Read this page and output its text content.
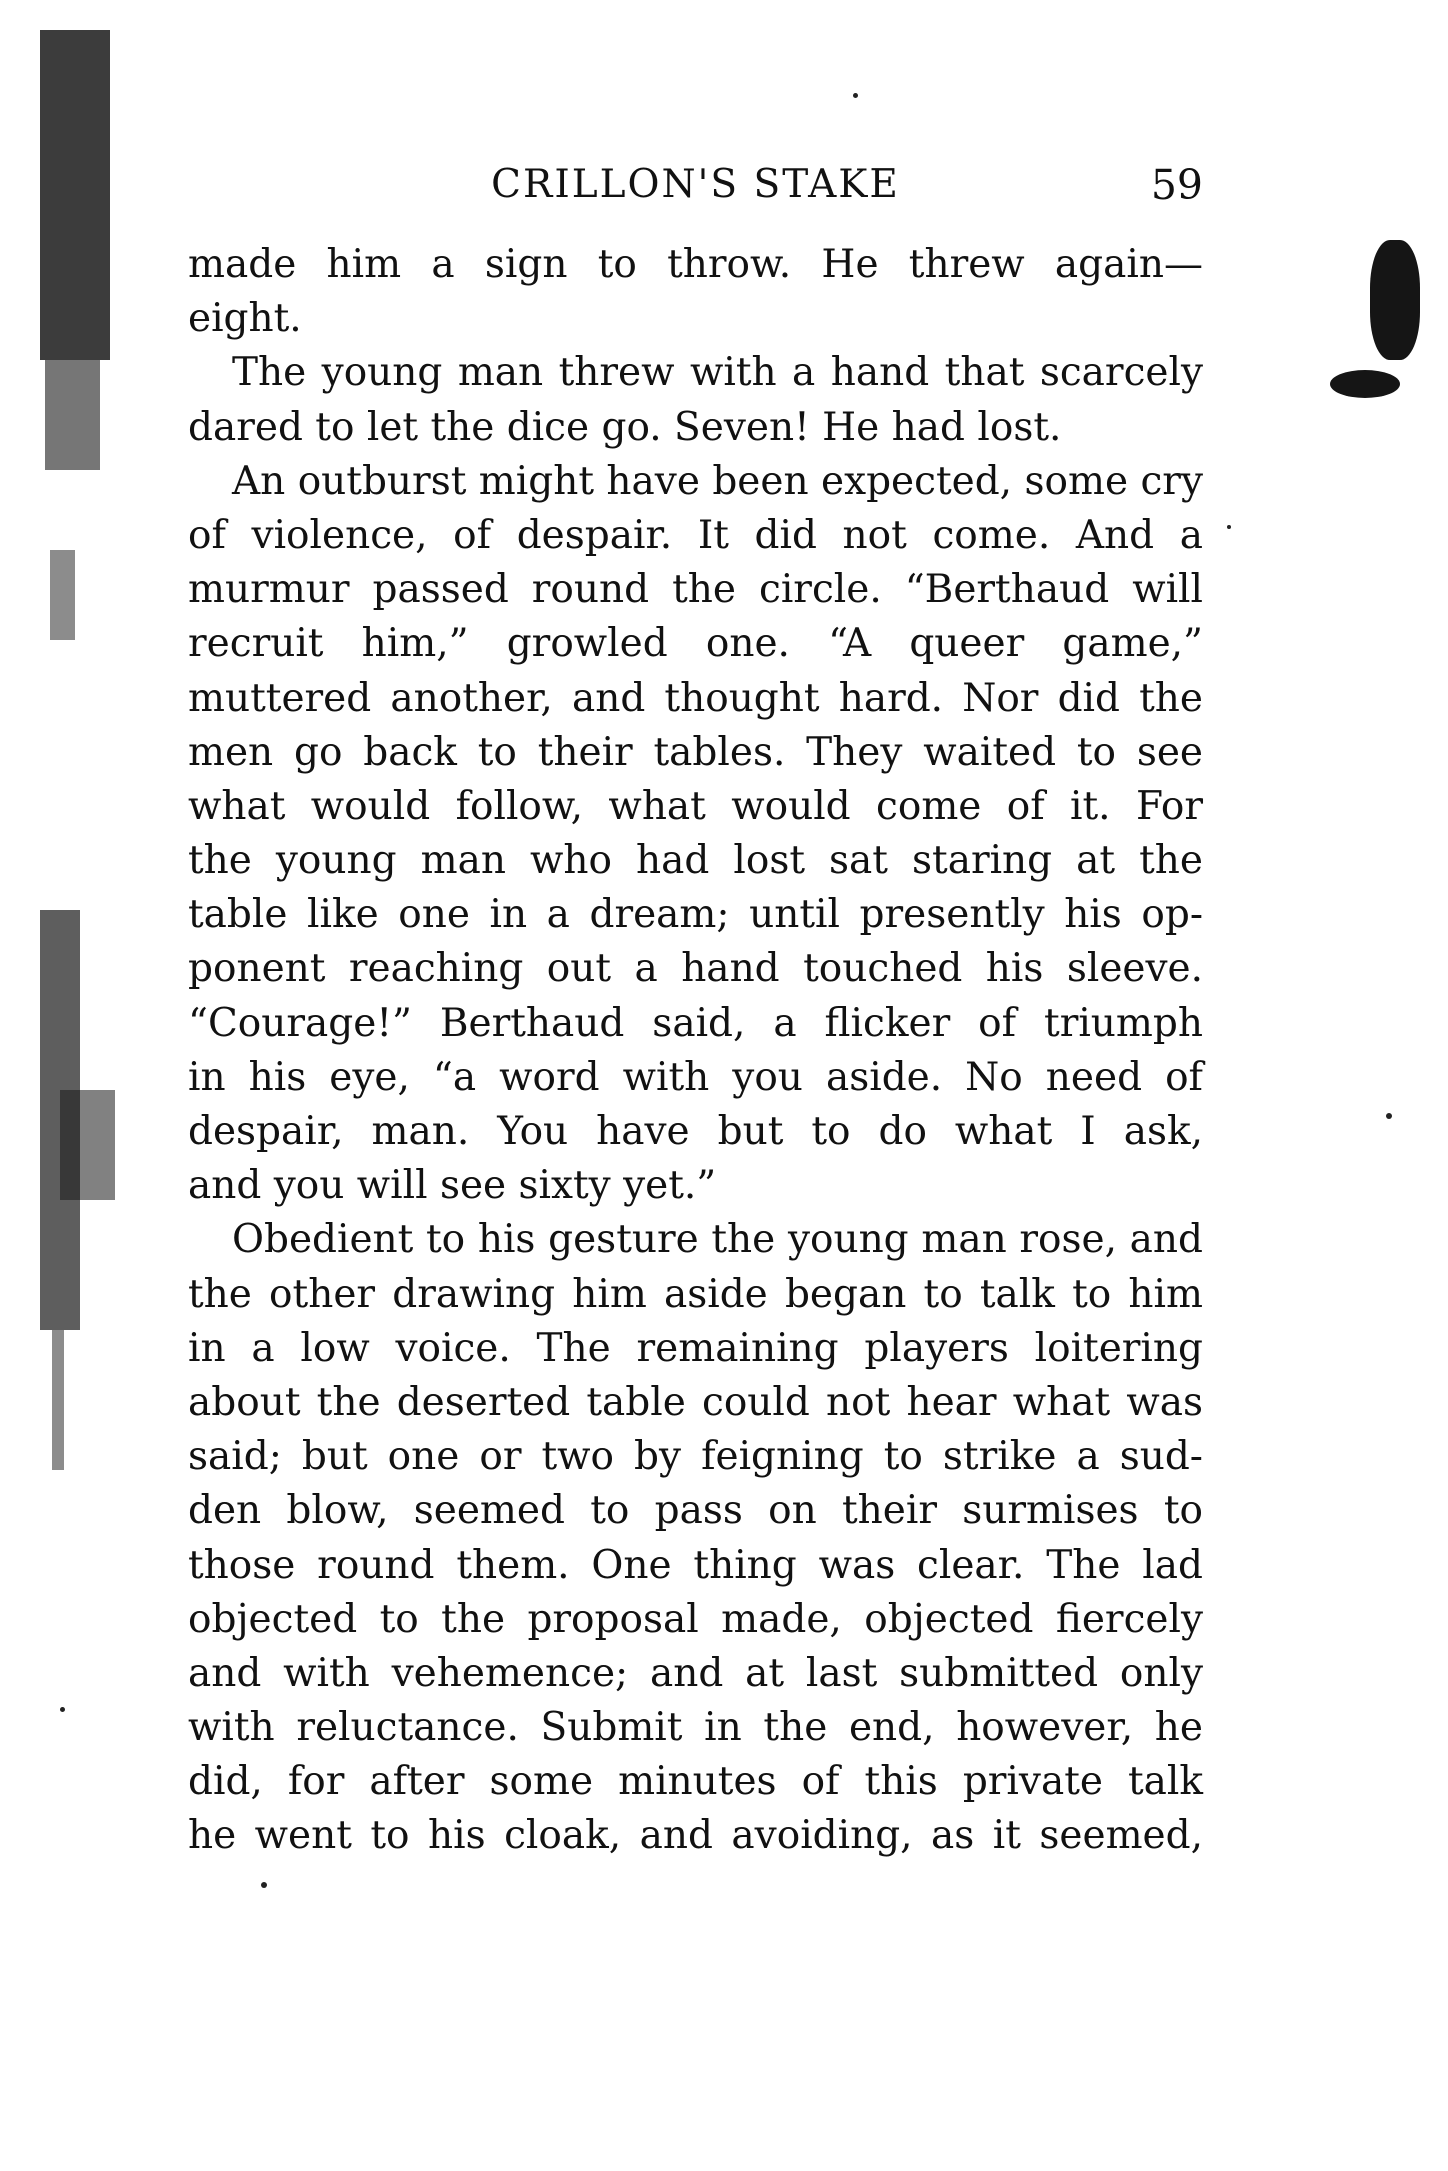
CRILLON'S STAKE	59
made him a sign to throw. He threw again—
eight.
The young man threw with a hand that scarcely
dared to let the dice go. Seven! He had lost.
An outburst might have been expected, some cry
of violence, of despair. It did not come. And a
murmur passed round the circle. “Berthaud will
recruit him,” growled one. “A queer game,”
muttered another, and thought hard. Nor did the
men go back to their tables. They waited to see
what would follow, what would come of it. For
the young man who had lost sat staring at the
table like one in a dream; until presently his op-
ponent reaching out a hand touched his sleeve.
“Courage!” Berthaud said, a flicker of triumph
in his eye, “a word with you aside. No need of
despair, man. You have but to do what I ask,
and you will see sixty yet.”
Obedient to his gesture the young man rose, and
the other drawing him aside began to talk to him
in a low voice. The remaining players loitering
about the deserted table could not hear what was
said; but one or two by feigning to strike a sud-
den blow, seemed to pass on their surmises to
those round them. One thing was clear. The lad
objected to the proposal made, objected fiercely
and with vehemence; and at last submitted only
with reluctance. Submit in the end, however, he
did, for after some minutes of this private talk
he went to his cloak, and avoiding, as it seemed,
